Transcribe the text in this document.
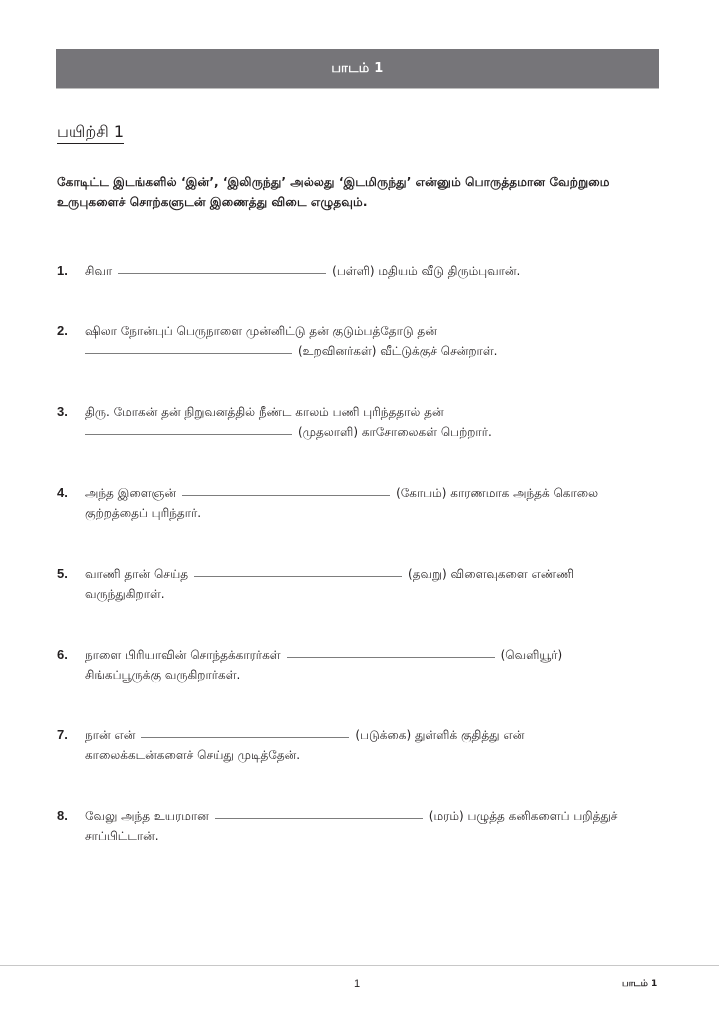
பாடம் 1
பயிற்சி 1
கோடிட்ட இடங்களில் ‘இன்’, ‘இலிருந்து’ அல்லது ‘இடமிருந்து’ என்னும் பொருத்தமான வேற்றுமை உருபுகளைச் சொற்களுடன் இணைத்து விடை எழுதவும்.
1. சிவா	(பள்ளி) மதியம் வீடு திரும்புவான்.
2. ஷிலா நோன்புப் பெருநாளை முன்னிட்டு தன் குடும்பத்தோடு தன்
(உறவினர்கள்) வீட்டுக்குச் சென்றாள்.
3. திரு. மோகன் தன் நிறுவனத்தில் நீண்ட காலம் பணி புரிந்ததால் தன்
(முதலாளி) காசோலைகள் பெற்றார்.
4. அந்த இளைஞன்	(கோபம்) காரணமாக அந்தக் கொலை
குற்றத்தைப் புரிந்தார்.
5. வாணி தான் செய்த	(தவறு) விளைவுகளை எண்ணி
வருந்துகிறாள்.
6. நாளை பிரியாவின் சொந்தக்காரர்கள்	(வெளியூர்)
சிங்கப்பூருக்கு வருகிறார்கள்.
7. நான் என்	(படுக்கை) துள்ளிக் குதித்து என்
காலைக்கடன்களைச் செய்து முடித்தேன்.
8. வேலு அந்த உயரமான	(மரம்) பழுத்த கனிகளைப் பறித்துச்
சாப்பிட்டான்.
1	பாடம் 1
